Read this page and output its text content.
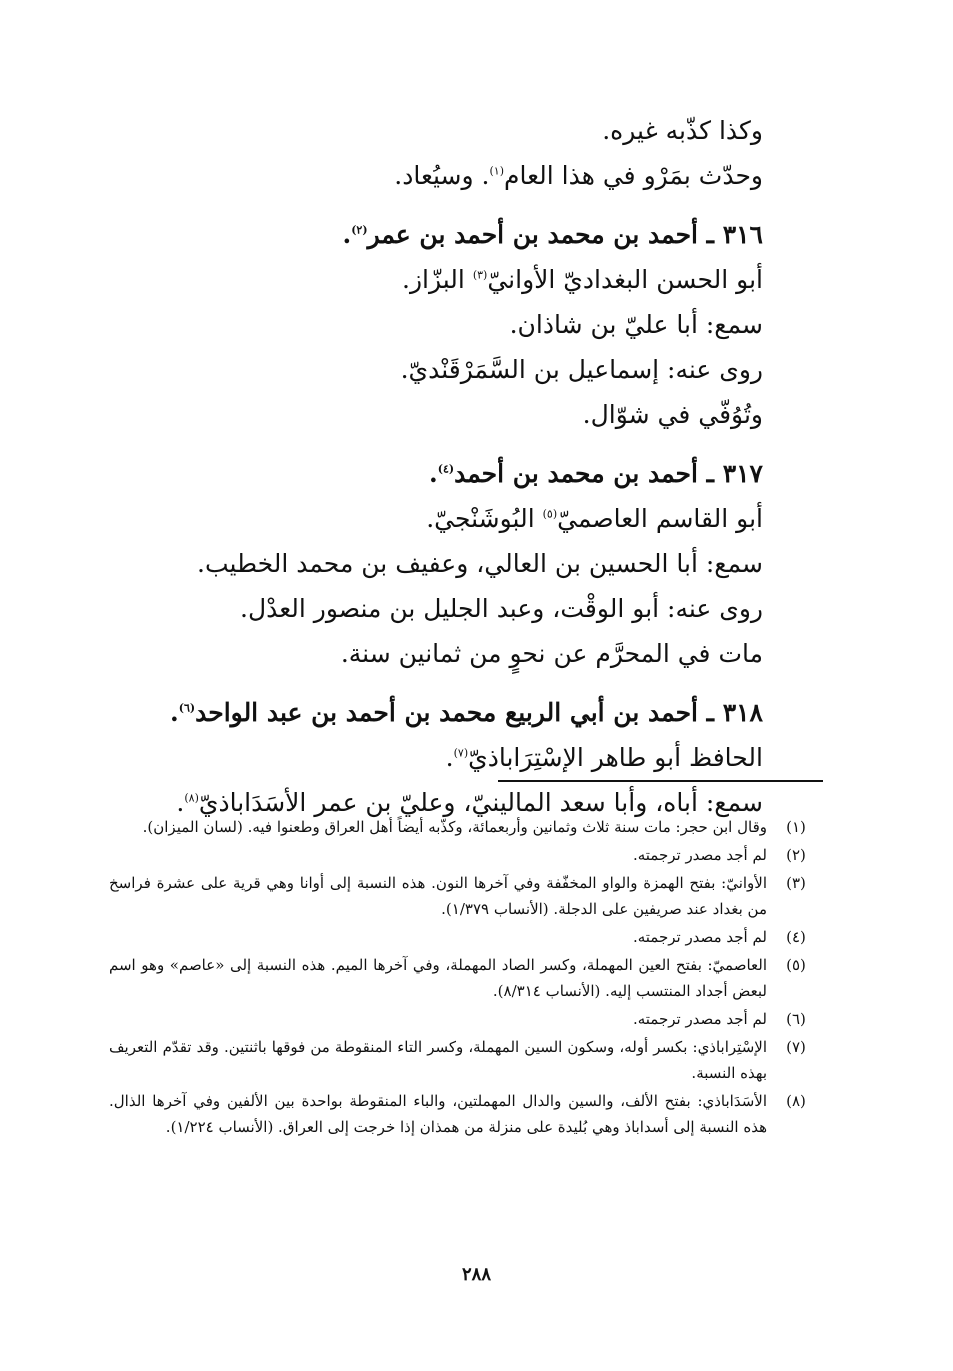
وكذا كذّبه غيره.
وحدّث بمَرْو في هذا العام$^{(١)}$. وسيُعاد.
٣١٦ ـ أحمد بن محمد بن أحمد بن عمر$^{(٢)}$.
أبو الحسن البغداديّ الأوانيّ$^{(٣)}$ البزّاز.
سمع: أبا عليّ بن شاذان.
روى عنه: إسماعيل بن السَّمَرْقَنْديّ.
وتُوُفّي في شوّال.
٣١٧ ـ أحمد بن محمد بن أحمد$^{(٤)}$.
أبو القاسم العاصميّ$^{(٥)}$ البُوشَنْجيّ.
سمع: أبا الحسين بن العالي، وعفيف بن محمد الخطيب.
روى عنه: أبو الوقْت، وعبد الجليل بن منصور العدْل.
مات في المحرَّم عن نحوٍ من ثمانين سنة.
٣١٨ ـ أحمد بن أبي الربيع محمد بن أحمد بن عبد الواحد$^{(٦)}$.
الحافظ أبو طاهر الإسْتِرَاباذيّ$^{(٧)}$.
سمع: أباه، وأبا سعد المالينيّ، وعليّ بن عمر الأسَدَاباذيّ$^{(٨)}$.
(١)
وقال ابن حجر: مات سنة ثلاث وثمانين وأربعمائة، وكذّبه أيضاً أهل العراق وطعنوا فيه. (لسان الميزان).
(٢)
لم أجد مصدر ترجمته.
(٣)
الأوانيّ: بفتح الهمزة والواو المخفّفة وفي آخرها النون. هذه النسبة إلى أوانا وهي قرية على عشرة فراسخ من بغداد عند صريفين على الدجلة. (الأنساب ١/٣٧٩).
(٤)
لم أجد مصدر ترجمته.
(٥)
العاصميّ: بفتح العين المهملة، وكسر الصاد المهملة، وفي آخرها الميم. هذه النسبة إلى «عاصم» وهو اسم لبعض أجداد المنتسب إليه. (الأنساب ٨/٣١٤).
(٦)
لم أجد مصدر ترجمته.
(٧)
الإسْتِراباذي: بكسر أوله، وسكون السين المهملة، وكسر التاء المنقوطة من فوقها باثنتين. وقد تقدّم التعريف بهذه النسبة.
(٨)
الأسَدَاباذي: بفتح الألف، والسين والدال المهملتين، والباء المنقوطة بواحدة بين الألفين وفي آخرها الذال. هذه النسبة إلى أسداباذ وهي بُليدة على منزلة من همذان إذا خرجت إلى العراق. (الأنساب ١/٢٢٤).
٢٨٨
